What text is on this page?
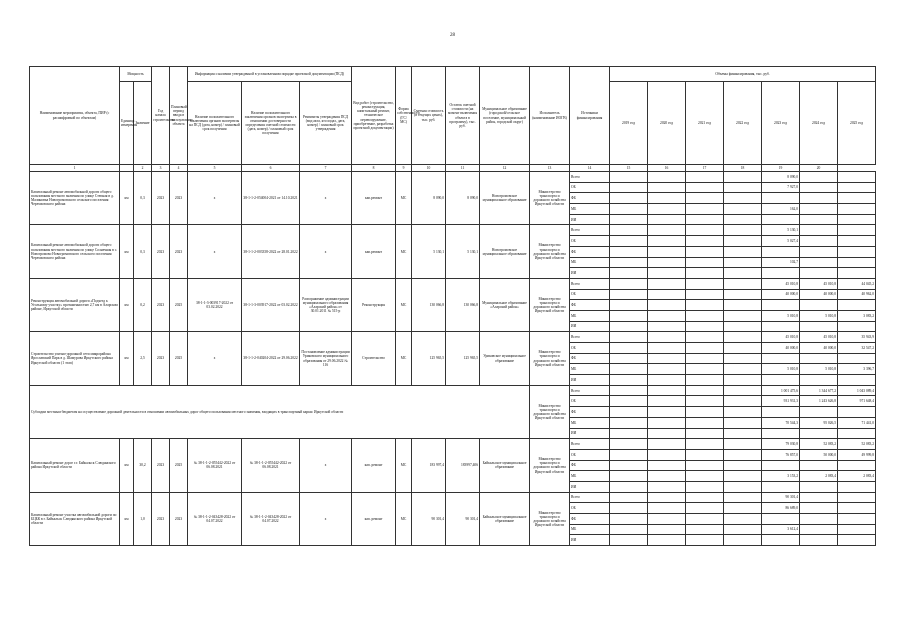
28
Наименование мероприятия, объекта, ПИР (с расшифровкой по объектам)	Мощность		Год начала строительства	Плановый период ввода в эксплуатацию объекта	Информация о наличии утвержденной в установленном порядке проектной документации (ПСД)			Вид работ (строительство, реконструкция, капитальный ремонт, техническое перевооружение, приобретение, разработка проектной документации)	Форма собственности (ГС/МС)	Сметная стоимость (в текущих ценах), тыс. руб.	Остаток сметной стоимости (на момент включения объекта в программу), тыс. руб.	Муниципальное образование (городской/сельское поселение, муниципальный район, городской округ)	Исполнитель (наименование ИОГВ)	Источники финансирования	Объемы финансирования, тыс. руб.						
	Единица измерения	Значение			Наличие положительного заключения органов экспертизы на ПСД (дата, номер) / плановый срок получения	Наличие положительного заключения органов экспертизы в отношении достоверности определения сметной стоимости (дата, номер) / плановый срок получения	Реквизиты утверждения ПСД (вид акта, кто издал, дата, номер) / плановый срок утверждения								2019 год	2020 год	2021 год	2022 год	2023 год	2024 год	2025 год
1		2	3	4	5	6	7	8	9	10	11	12	13	14	15	16	17	18	19	20	
Капитальный ремонт автомобильной дороги общего пользования местного значения по улице Степная в д. Малиновка Новогромовского сельского поселения Черемховского района	км	0,3	2023	2023	х	38-1-1-2-054004-2021 от 14.10.2021	х	кап.ремонт	МС	8 090,0	8 090,0	Новогромовское муниципальное образование	Министерство транспорта и дорожного хозяйства Иркутской области	Всего					8 090,0		
														ОБ					7 927,0		
														ФБ							
														МБ					162,0		
														ИИ							
Капитальный ремонт автомобильной дороги общего пользования местного значения по улице Солнечная в с. Новогромово Новогромовского сельского поселения Черемховского района	км	0,3	2023	2023	х	38-1-1-2-003358-2022 от 28.01.2022	х	кап.ремонт	МС	5 130,1	5 130,1	Новогромовское муниципальное образование	Министерство транспорта и дорожного хозяйства Иркутской области	Всего					5 130,1		
														ОБ					5 027,4		
														ФБ							
														МБ					102,7		
														ИИ							
Реконструкция автомобильной дороги «Подъезд к Угольному участку» протяженностью 2,7 км в Аларском районе, Иркутской области	км	0,2	2023	2025	38-1-1-3-003917-2022 от 03.02.2022	38-1-1-3-003917-2022 от 03.02.2022	Распоряжение администрации муниципального образования «Аларский район» от 30.01.2011 № 515-р	Реконструкция	МС	130 066,8	130 066,8	Муниципальное образование «Аларский район»	Министерство транспорта и дорожного хозяйства Иркутской области	Всего					45 010,8	45 010,8	44 045,2
														ОБ					40 000,0	40 000,0	40 962,0
														ФБ							
														МБ					5 010,8	5 010,8	3 083,2
														ИИ							
Строительство улично-дорожной сети микрорайона Ярославский Парк в д. Шамурова Иркутского района Иркутской области (1 этап)	км	2,5	2023	2025	х	38-1-1-2-040204-2022 от 29.06.2022	Постановление администрации Уриковского муниципального образования от 29.06.2022 № 116	Строительство	МС	125 965,5	125 965,5	Уриковское муниципальное образование	Министерство транспорта и дорожного хозяйства Иркутской области	Всего					45 010,8	45 010,8	35 943,9
														ОБ					40 000,0	40 000,0	32 547,2
														ФБ							
														МБ					5 010,8	5 010,8	3 396,7
														ИИ							
Субсидии местным бюджетам на осуществление дорожной деятельности в отношении автомобильных дорог общего пользования местного значения, входящих в транспортный каркас Иркутской области													Министерство транспорта и дорожного хозяйства Иркутской области	Всего					1 001 475,6	1 344 677,2	1 043 089,4
														ОБ					931 931,3	1 243 626,8	971 648,4
														ФБ							
														МБ					70 544,3	95 026,5	71 441,0
														ИИ							
Капитальный ремонт дорог г.г. Байкальск Слюдянского района Иркутской области	км	30,2	2023	2025	№ 38-1-1-2-055442-2022 от 06.08.2021	№ 38-1-1-2-055442-2022 от 06.08.2021	х	кап. ремонт	МС	183 997,4	183997,406	Байкальское муниципальное образование	Министерство транспорта и дорожного хозяйства Иркутской области	Всего					79 030,8	52 083,2	52 083,2
														ОБ					76 857,0	50 000,0	49 999,8
														ФБ							
														МБ					3 153,2	2 083,4	2 083,4
														ИИ							
Капитальный ремонт участка автомобильной дороги по БЦБК в г. Байкальск Слюдянского района Иркутской области	км	1,0	2023	2023	№ 38-1-1-2-043428-2022 от 04.07.2022	№ 38-1-1-2-043428-2022 от 04.07.2022	х	кап. ремонт	МС	90 301,4	90 301,4	Байкальское муниципальное образование	Министерство транспорта и дорожного хозяйства Иркутской области	Всего					90 301,4		
														ОБ					86 689,0		
														ФБ							
														МБ					3 612,4		
														ИИ							
